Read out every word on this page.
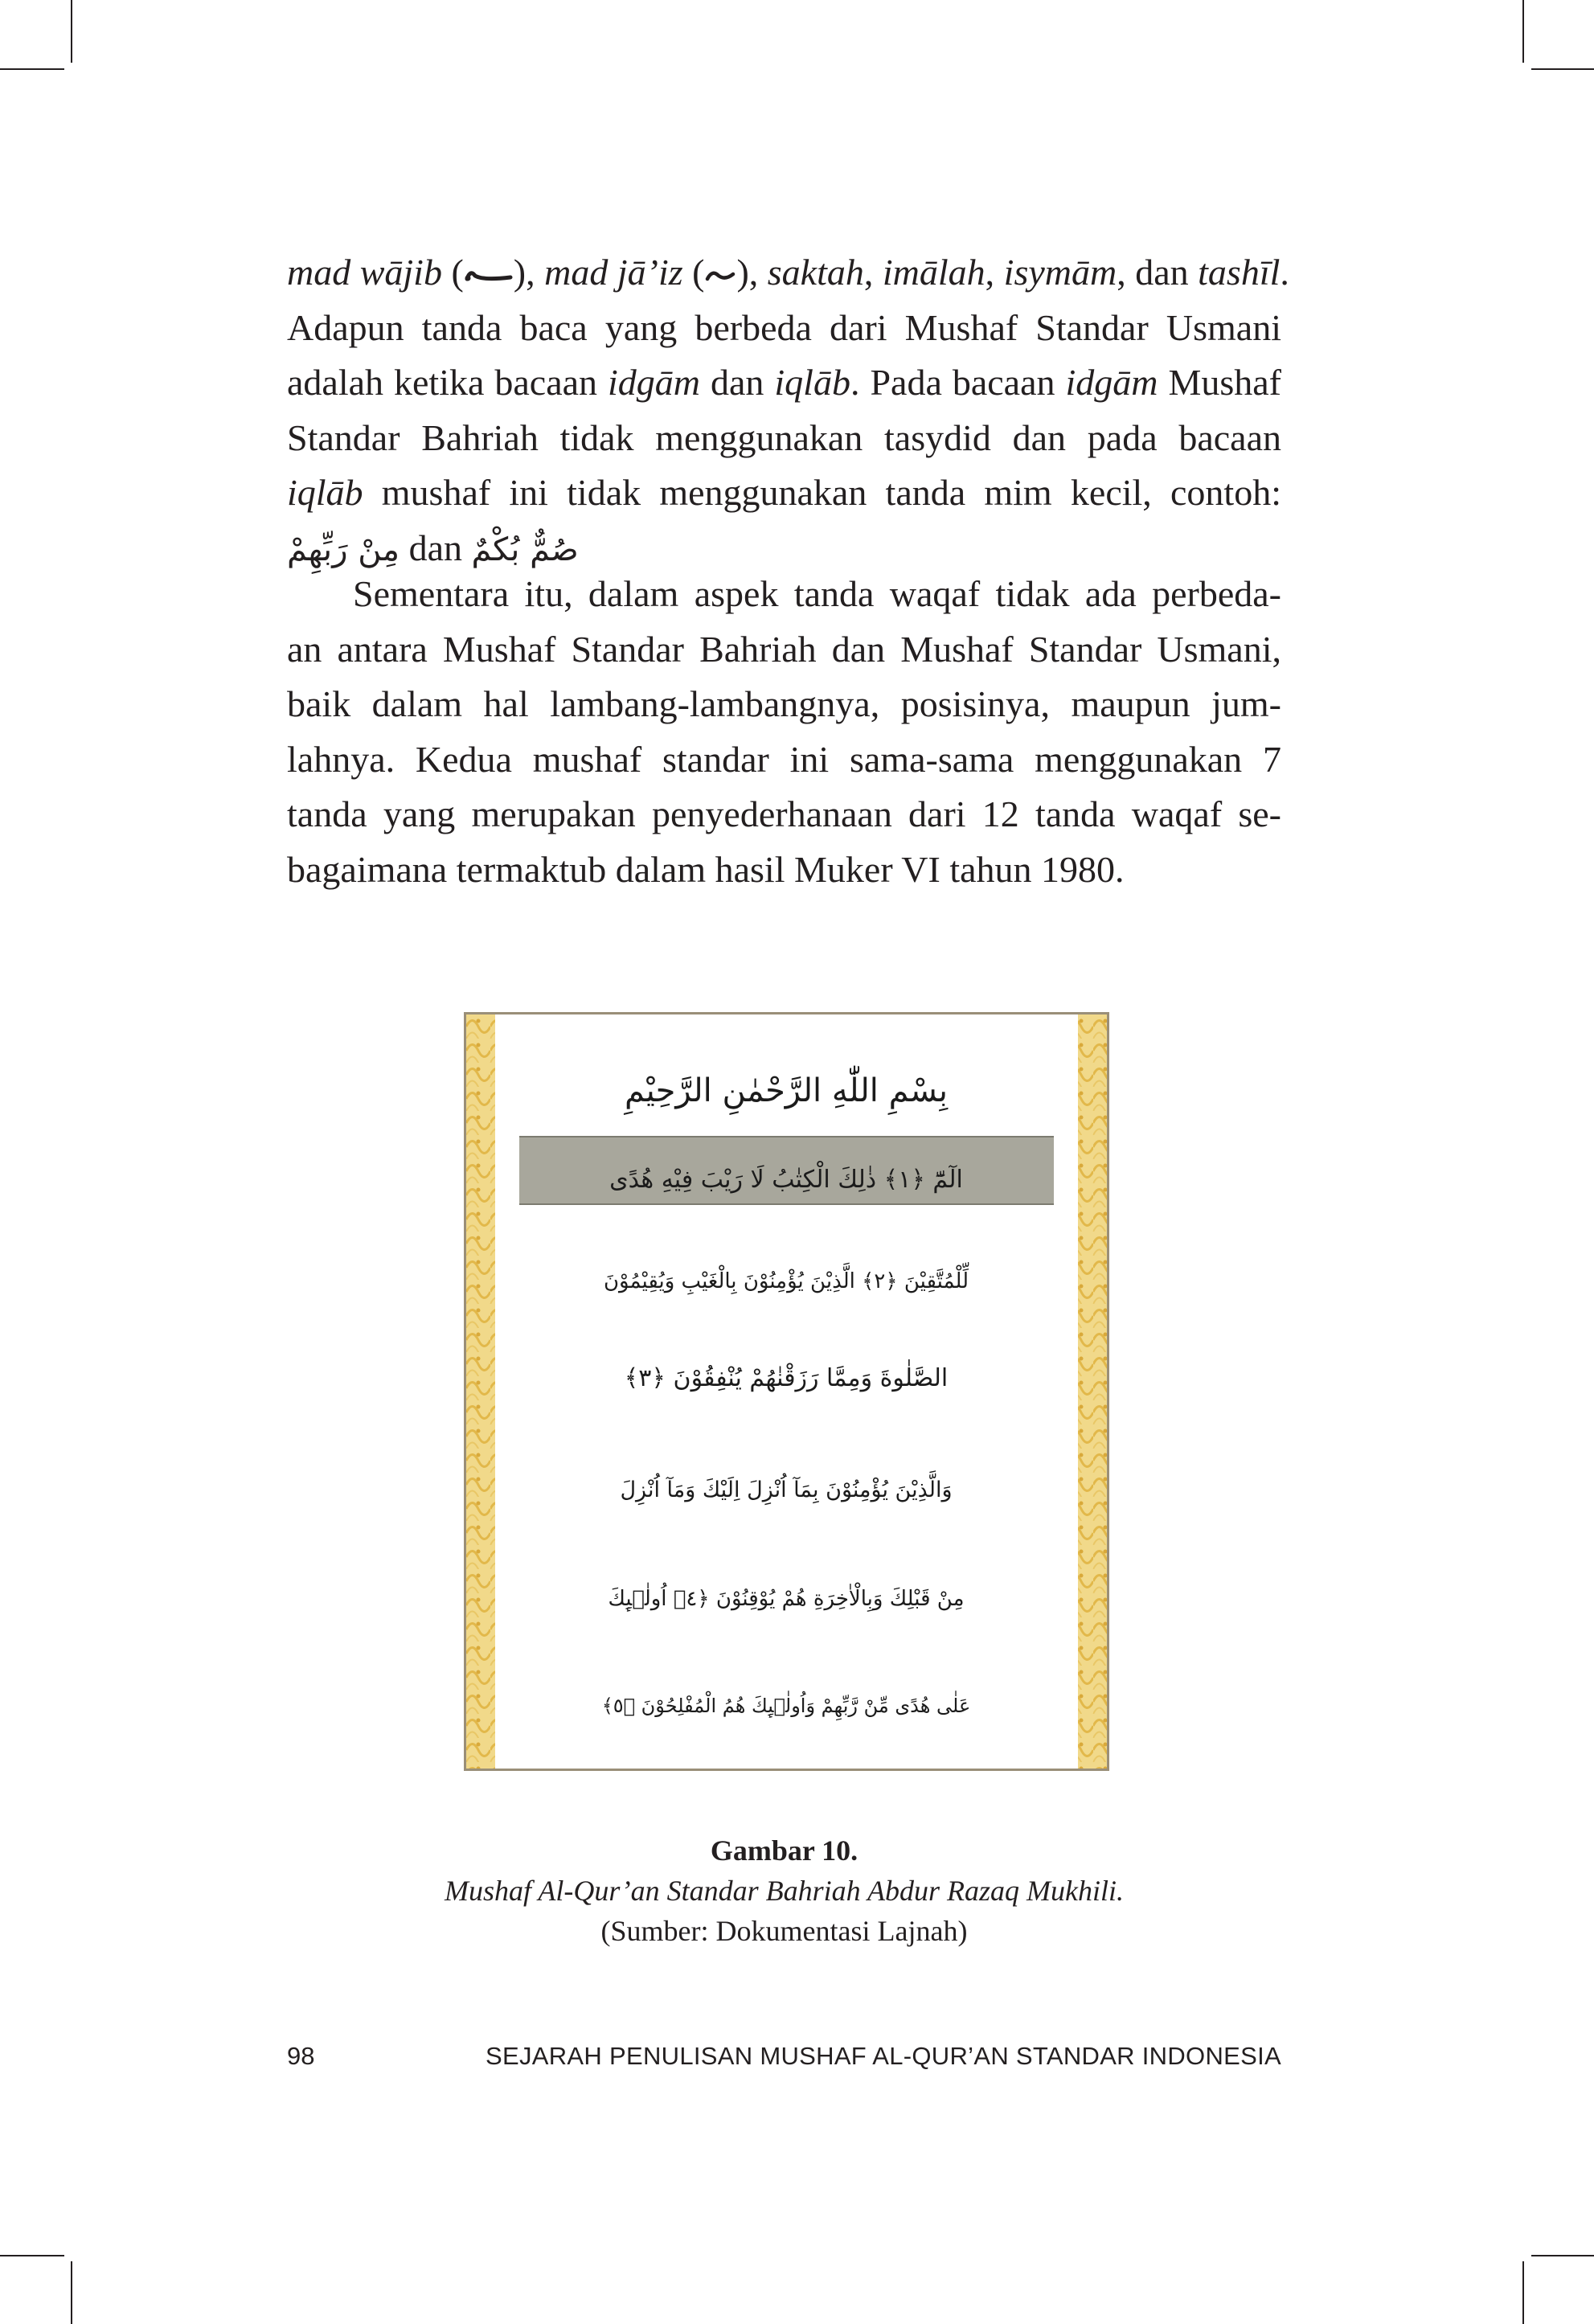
mad wājib ( ), mad jā’iz ( ), saktah, imālah, isymām, dan tashīl.
Adapun tanda baca yang berbeda dari Mushaf Standar Usmani
adalah ketika bacaan idgām dan iqlāb. Pada bacaan idgām Mushaf
Standar Bahriah tidak menggunakan tasydid dan pada bacaan
iqlāb mushaf ini tidak menggunakan tanda mim kecil, contoh:
مِنْ رَبِّهِمْ dan صُمٌّ بُكْمٌ
Sementara itu, dalam aspek tanda waqaf tidak ada perbeda-
an antara Mushaf Standar Bahriah dan Mushaf Standar Usmani,
baik dalam hal lambang-lambangnya, posisinya, maupun jum-
lahnya. Kedua mushaf standar ini sama-sama menggunakan 7
tanda yang merupakan penyederhanaan dari 12 tanda waqaf se-
bagaimana termaktub dalam hasil Muker VI tahun 1980.
بِسْمِ اللّٰهِ الرَّحْمٰنِ الرَّحِيْمِ
الٓمّٓ ﴿١﴾ ذٰلِكَ الْكِتٰبُ لَا رَيْبَ فِيْهِ هُدًى
لِّلْمُتَّقِيْنَ ﴿٢﴾ الَّذِيْنَ يُؤْمِنُوْنَ بِالْغَيْبِ وَيُقِيْمُوْنَ
الصَّلٰوةَ وَمِمَّا رَزَقْنٰهُمْ يُنْفِقُوْنَ ﴿٣﴾
وَالَّذِيْنَ يُؤْمِنُوْنَ بِمَآ اُنْزِلَ اِلَيْكَ وَمَآ اُنْزِلَ
مِنْ قَبْلِكَ وَبِالْاٰخِرَةِ هُمْ يُوْقِنُوْنَ ﴿٤﴾ اُولٰۤىِٕكَ
عَلٰى هُدًى مِّنْ رَّبِّهِمْ وَاُولٰۤىِٕكَ هُمُ الْمُفْلِحُوْنَ ﴿٥﴾
Gambar 10.
Mushaf Al-Qur’an Standar Bahriah Abdur Razaq Mukhili.
(Sumber: Dokumentasi Lajnah)
98	SEJARAH PENULISAN MUSHAF AL-QUR’AN STANDAR INDONESIA
